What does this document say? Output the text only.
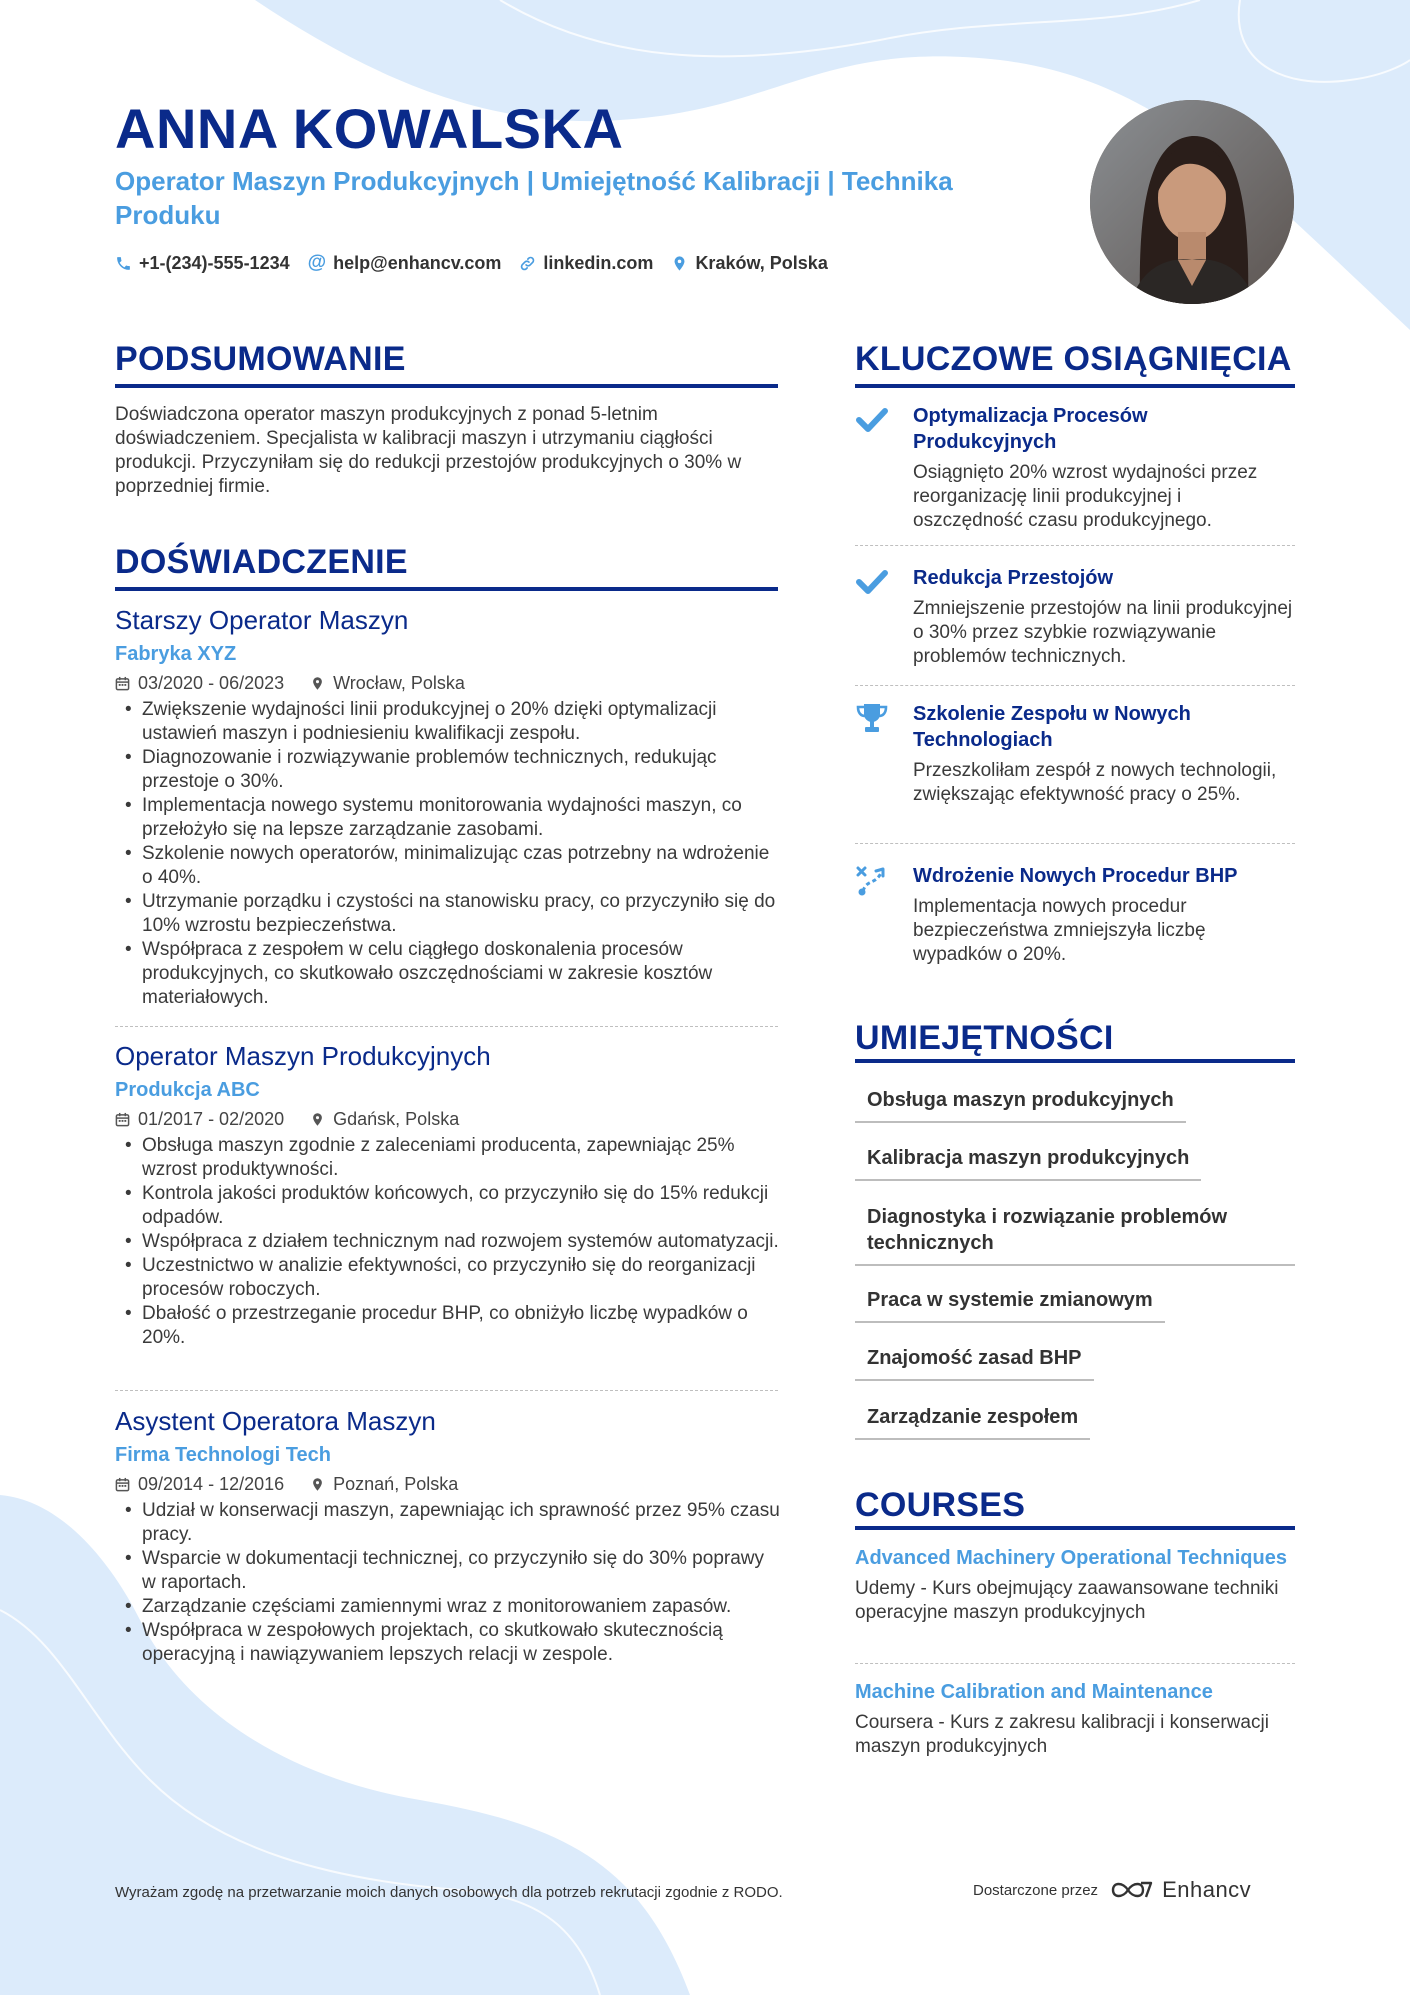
ANNA KOWALSKA
Operator Maszyn Produkcyjnych | Umiejętność Kalibracji | Technika Produku
+1-(234)-555-1234 @ help@enhancv.com linkedin.com Kraków, Polska
PODSUMOWANIE
Doświadczona operator maszyn produkcyjnych z ponad 5-letnim doświadczeniem. Specjalista w kalibracji maszyn i utrzymaniu ciągłości produkcji. Przyczyniłam się do redukcji przestojów produkcyjnych o 30% w poprzedniej firmie.
DOŚWIADCZENIE
Starszy Operator Maszyn
Fabryka XYZ
03/2020 - 06/2023	Wrocław, Polska
• Zwiększenie wydajności linii produkcyjnej o 20% dzięki optymalizacji ustawień maszyn i podniesieniu kwalifikacji zespołu.
• Diagnozowanie i rozwiązywanie problemów technicznych, redukując przestoje o 30%.
• Implementacja nowego systemu monitorowania wydajności maszyn, co przełożyło się na lepsze zarządzanie zasobami.
• Szkolenie nowych operatorów, minimalizując czas potrzebny na wdrożenie o 40%.
• Utrzymanie porządku i czystości na stanowisku pracy, co przyczyniło się do 10% wzrostu bezpieczeństwa.
• Współpraca z zespołem w celu ciągłego doskonalenia procesów produkcyjnych, co skutkowało oszczędnościami w zakresie kosztów materiałowych.
Operator Maszyn Produkcyjnych
Produkcja ABC
01/2017 - 02/2020	Gdańsk, Polska
• Obsługa maszyn zgodnie z zaleceniami producenta, zapewniając 25% wzrost produktywności.
• Kontrola jakości produktów końcowych, co przyczyniło się do 15% redukcji odpadów.
• Współpraca z działem technicznym nad rozwojem systemów automatyzacji.
• Uczestnictwo w analizie efektywności, co przyczyniło się do reorganizacji procesów roboczych.
• Dbałość o przestrzeganie procedur BHP, co obniżyło liczbę wypadków o 20%.
Asystent Operatora Maszyn
Firma Technologi Tech
09/2014 - 12/2016	Poznań, Polska
• Udział w konserwacji maszyn, zapewniając ich sprawność przez 95% czasu pracy.
• Wsparcie w dokumentacji technicznej, co przyczyniło się do 30% poprawy w raportach.
• Zarządzanie częściami zamiennymi wraz z monitorowaniem zapasów.
• Współpraca w zespołowych projektach, co skutkowało skutecznością operacyjną i nawiązywaniem lepszych relacji w zespole.
KLUCZOWE OSIĄGNIĘCIA
Optymalizacja Procesów Produkcyjnych
Osiągnięto 20% wzrost wydajności przez reorganizację linii produkcyjnej i oszczędność czasu produkcyjnego.
Redukcja Przestojów
Zmniejszenie przestojów na linii produkcyjnej o 30% przez szybkie rozwiązywanie problemów technicznych.
Szkolenie Zespołu w Nowych Technologiach
Przeszkoliłam zespół z nowych technologii, zwiększając efektywność pracy o 25%.
Wdrożenie Nowych Procedur BHP
Implementacja nowych procedur bezpieczeństwa zmniejszyła liczbę wypadków o 20%.
UMIEJĘTNOŚCI
Obsługa maszyn produkcyjnych
Kalibracja maszyn produkcyjnych
Diagnostyka i rozwiązanie problemów technicznych
Praca w systemie zmianowym
Znajomość zasad BHP
Zarządzanie zespołem
COURSES
Advanced Machinery Operational Techniques
Udemy - Kurs obejmujący zaawansowane techniki operacyjne maszyn produkcyjnych
Machine Calibration and Maintenance
Coursera - Kurs z zakresu kalibracji i konserwacji maszyn produkcyjnych
Wyrażam zgodę na przetwarzanie moich danych osobowych dla potrzeb rekrutacji zgodnie z RODO.	Dostarczone przez	Enhancv
